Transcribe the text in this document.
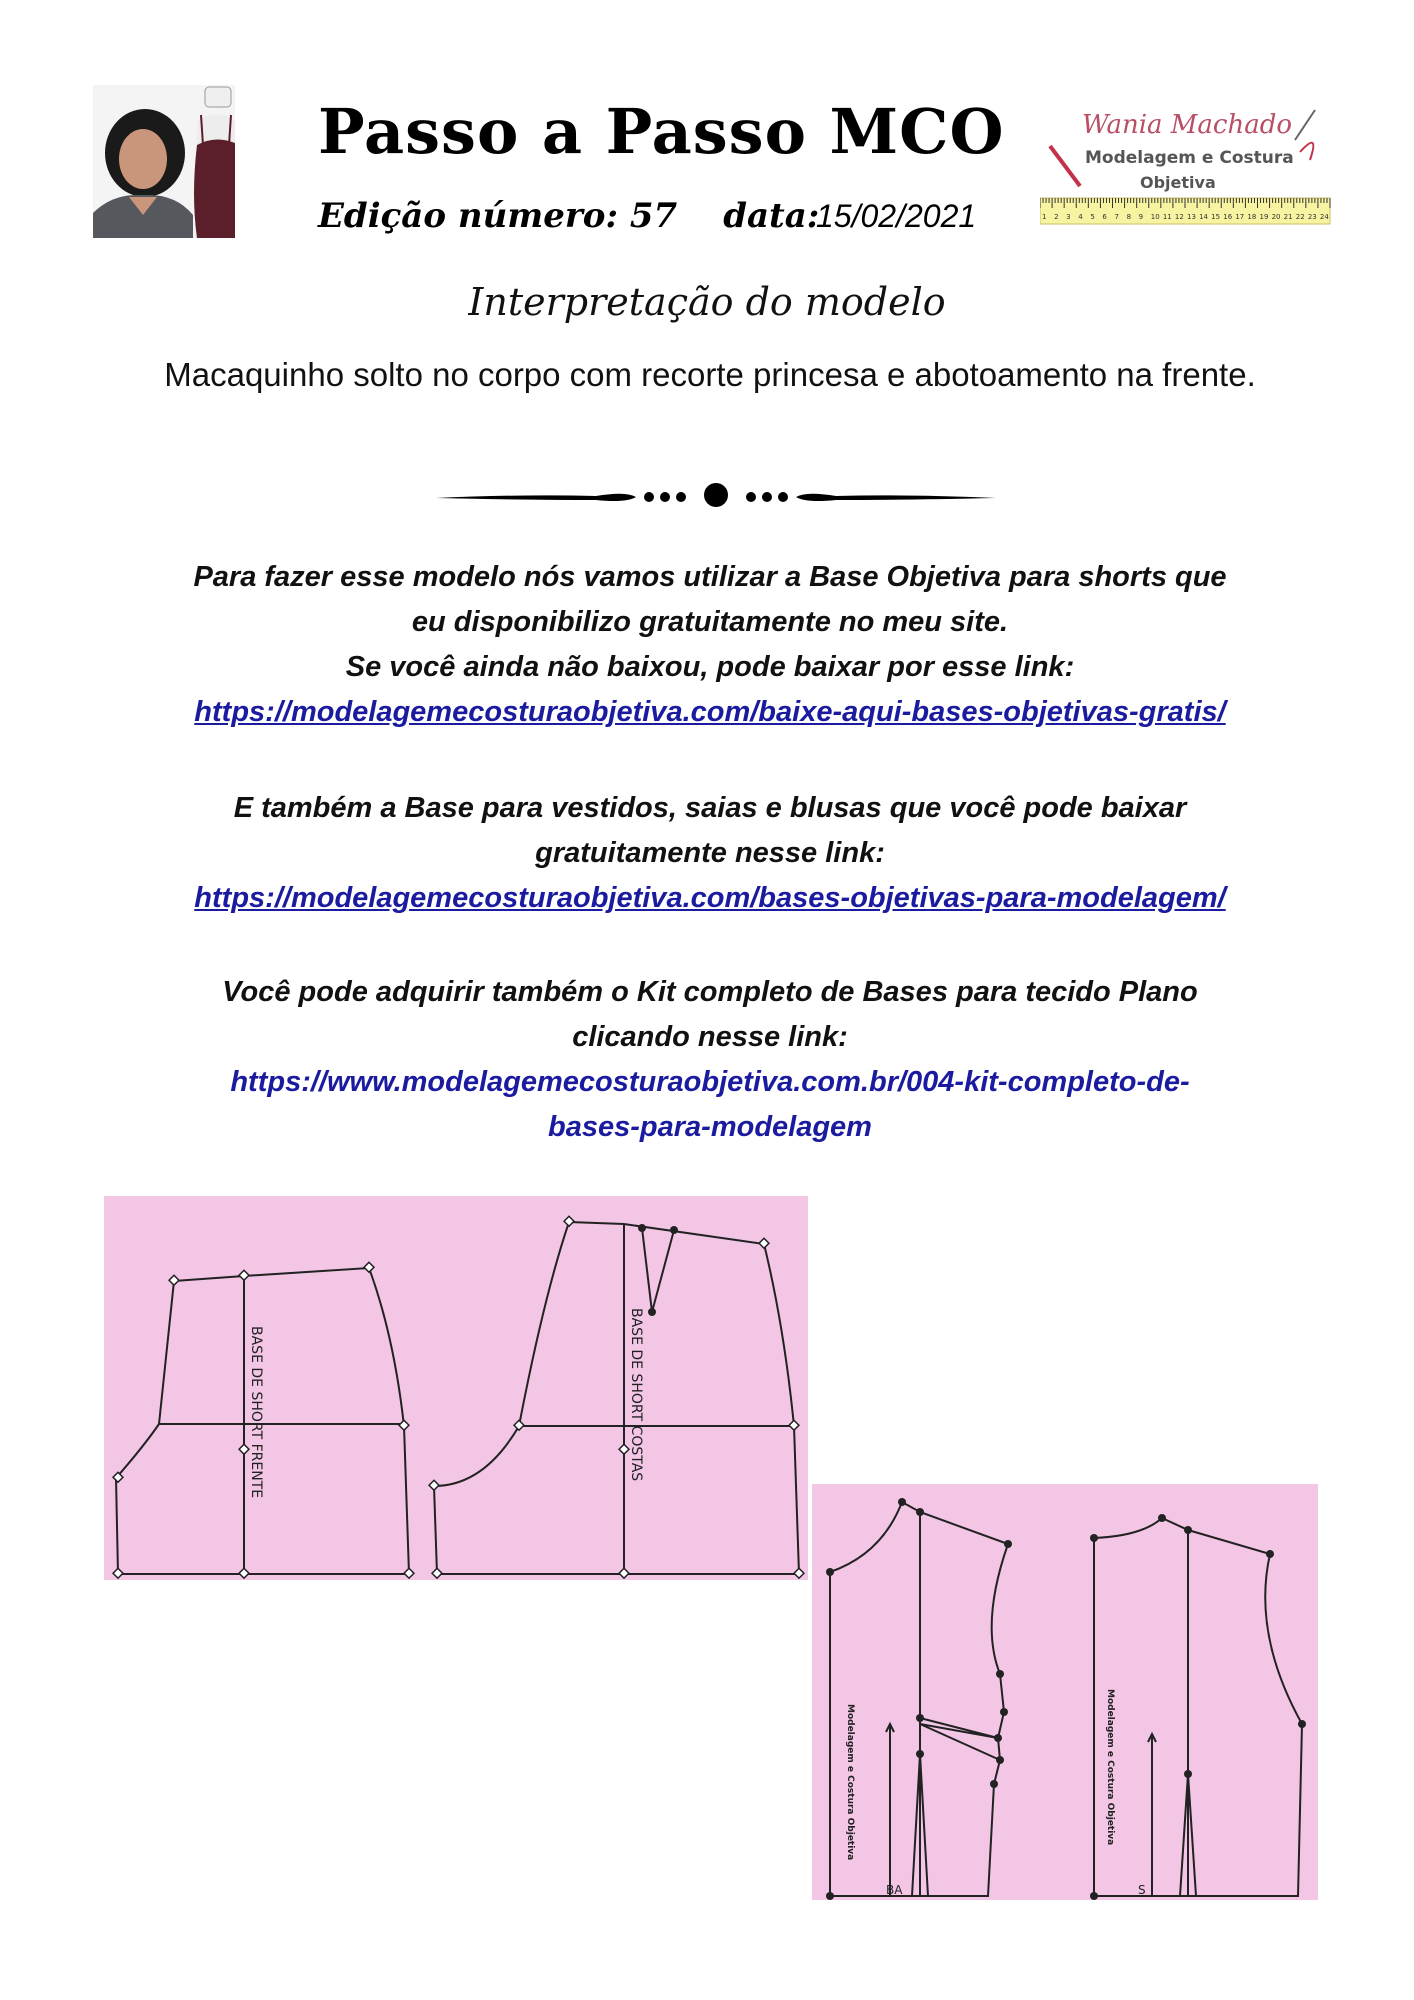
Passo a Passo MCO
Edição número: 57 data:
15/02/2021	1 2 3 4 5 6 7 8 9 10 11 12 13 14 15 16 17 18 19 20 21 22 23 24
Wania Machado
Modelagem e Costura
Objetiva
Interpretação do modelo
Macaquinho solto no corpo com recorte princesa e abotoamento na frente.
Para fazer esse modelo nós vamos utilizar a Base Objetiva para shorts que
eu disponibilizo gratuitamente no meu site.
Se você ainda não baixou, pode baixar por esse link:
https://modelagemecosturaobjetiva.com/baixe-aqui-bases-objetivas-gratis/
E também a Base para vestidos, saias e blusas que você pode baixar
gratuitamente nesse link:
https://modelagemecosturaobjetiva.com/bases-objetivas-para-modelagem/
Você pode adquirir também o Kit completo de Bases para tecido Plano
clicando nesse link:
https://www.modelagemecosturaobjetiva.com.br/004-kit-completo-de-
bases-para-modelagem
BASE DE SHORT FRENTE	BASE DE SHORT COSTAS
Modelagem e Costura Objetiva
BA
Modelagem e Costura Objetiva
S
